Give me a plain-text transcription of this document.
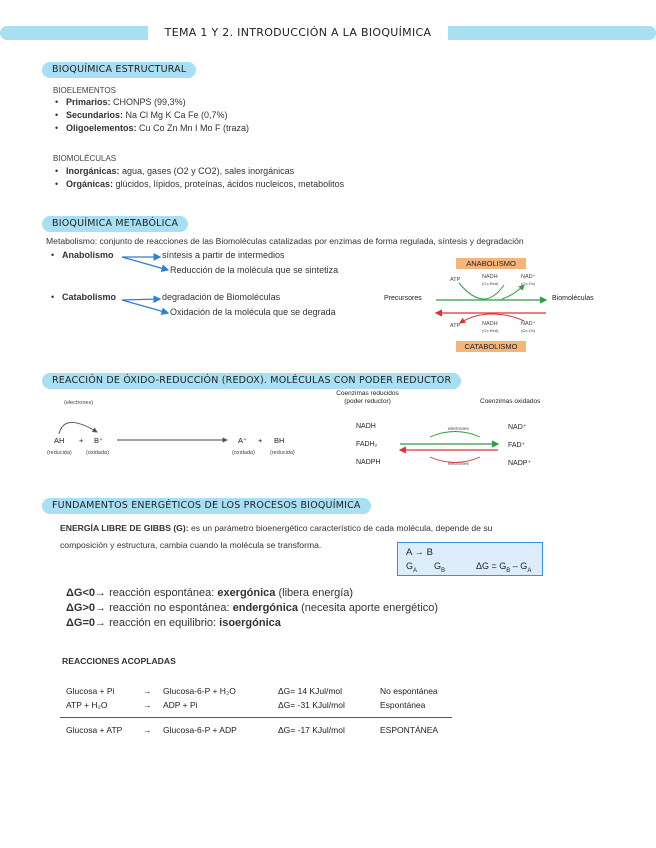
TEMA 1 Y 2. INTRODUCCIÓN A LA BIOQUÍMICA
BIOQUÍMICA ESTRUCTURAL
BIOELEMENTOS
Primarios: CHONPS (99,3%)
Secundarios: Na Cl Mg K Ca Fe (0,7%)
Oligoelementos: Cu Co Zn Mn I Mo F (traza)
BIOMOLÉCULAS
Inorgánicas: agua, gases (O2 y CO2), sales inorgánicas
Orgánicas: glúcidos, lípidos, proteínas, ácidos nucleicos, metabolitos
BIOQUÍMICA METABÓLICA
Metabolismo: conjunto de reacciones de las Biomoléculas catalizadas por enzimas de forma regulada, síntesis y degradación
Anabolismo	síntesis a partir de intermedios
Reducción de la molécula que se sintetiza
Catabolismo	degradación de Biomoléculas
Oxidación de la molécula que se degrada
ANABOLISMO
CATABOLISMO
ATP	NADH
(Co-Red)
NAD⁺
(Co-Ox)
Precursores	Biomoléculas
ATP	NADH
(Co-Red)
NAD⁺
(Co-Ox)
REACCIÓN DE ÓXIDO-REDUCCIÓN (REDOX). MOLÉCULAS CON PODER REDUCTOR
(electrones)
AH + B⁺
(reducida)	(oxidada)
A⁺ + BH
(oxidada)	(reducida)
Coenzimas reducidos
(poder reductor)	Coenzimas oxidados
NADH
FADH₂
NADPH
NAD⁺
FAD⁺
NADP⁺
electrones
electrones
FUNDAMENTOS ENERGÉTICOS DE LOS PROCESOS BIOQUÍMICA
ENERGÍA LIBRE DE GIBBS (G): es un parámetro bioenergético característico de cada molécula, depende de su
composición y estructura, cambia cuando la molécula se transforma.
A → B
$G_A$ $G_B$	$\Delta G = G_B - G_A$
ΔG<0→ reacción espontánea: exergónica (libera energía)
ΔG>0→ reacción no espontánea: endergónica (necesita aporte energético)
ΔG=0→ reacción en equilibrio: isoergónica
REACCIONES ACOPLADAS
Glucosa + Pi	→ Glucosa-6-P + H₂O	ΔG= 14 KJul/mol	No espontánea
ATP + H₂O	→ ADP + Pi	ΔG= -31 KJul/mol	Espontánea
Glucosa + ATP → Glucosa-6-P + ADP	ΔG= -17 KJul/mol	ESPONTÁNEA
